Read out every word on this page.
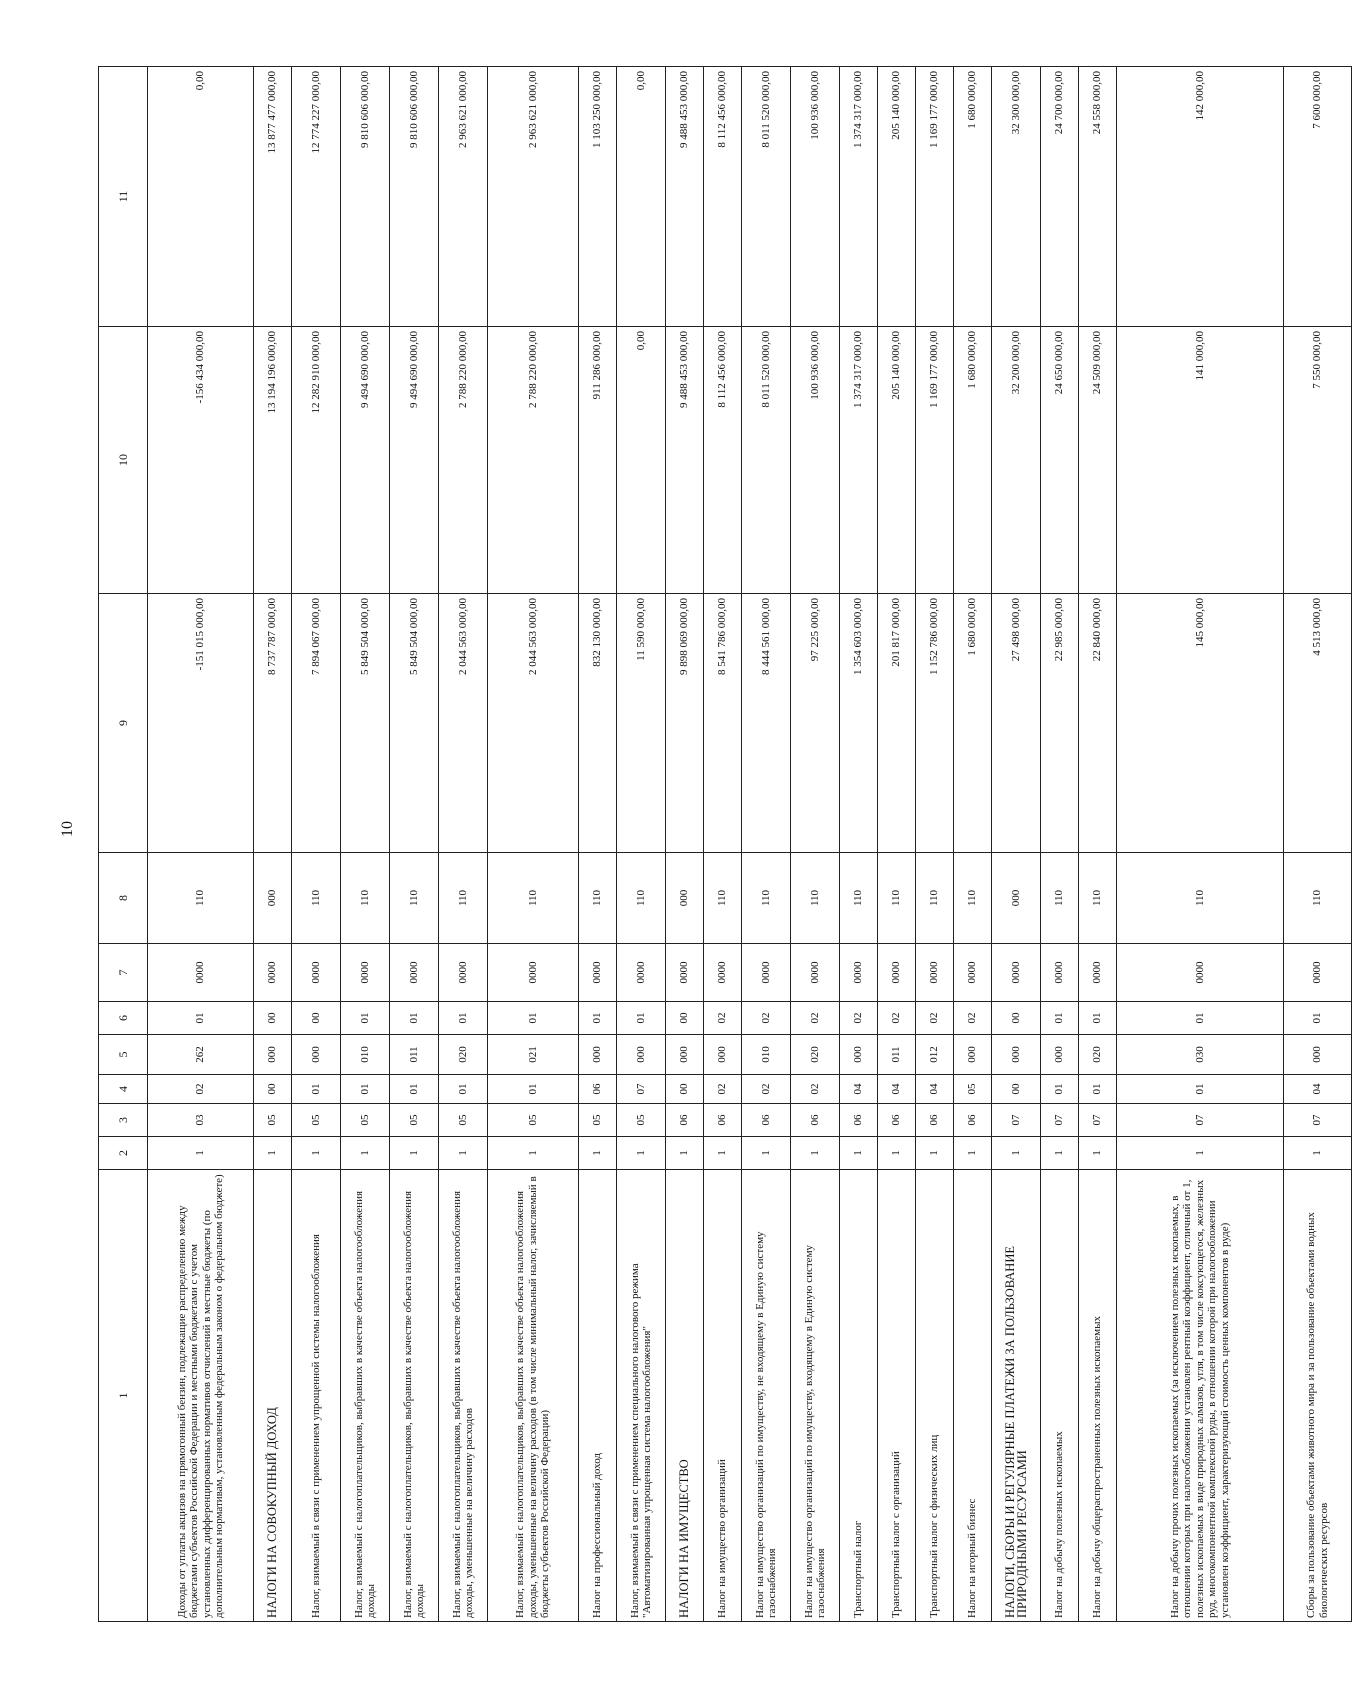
10
1	2	3	4	5	6	7	8	9	10	11
Доходы от уплаты акцизов на прямогонный бензин, подлежащие распределению между бюджетами субъектов Российской Федерации и местными бюджетами с учетом установленных дифференцированных нормативов отчислений в местные бюджеты (по дополнительным нормативам, установленным федеральным законом о федеральном бюджете)	1	03	02	262	01	0000	110	-151 015 000,00	-156 434 000,00	0,00
НАЛОГИ НА СОВОКУПНЫЙ ДОХОД	1	05	00	000	00	0000	000	8 737 787 000,00	13 194 196 000,00	13 877 477 000,00
Налог, взимаемый в связи с применением упрощенной системы налогообложения	1	05	01	000	00	0000	110	7 894 067 000,00	12 282 910 000,00	12 774 227 000,00
Налог, взимаемый с налогоплательщиков, выбравших в качестве объекта налогообложения доходы	1	05	01	010	01	0000	110	5 849 504 000,00	9 494 690 000,00	9 810 606 000,00
Налог, взимаемый с налогоплательщиков, выбравших в качестве объекта налогообложения доходы	1	05	01	011	01	0000	110	5 849 504 000,00	9 494 690 000,00	9 810 606 000,00
Налог, взимаемый с налогоплательщиков, выбравших в качестве объекта налогообложения доходы, уменьшенные на величину расходов	1	05	01	020	01	0000	110	2 044 563 000,00	2 788 220 000,00	2 963 621 000,00
Налог, взимаемый с налогоплательщиков, выбравших в качестве объекта налогообложения доходы, уменьшенные на величину расходов (в том числе минимальный налог, зачисляемый в бюджеты субъектов Российской Федерации)	1	05	01	021	01	0000	110	2 044 563 000,00	2 788 220 000,00	2 963 621 000,00
Налог на профессиональный доход	1	05	06	000	01	0000	110	832 130 000,00	911 286 000,00	1 103 250 000,00
Налог, взимаемый в связи с применением специального налогового режима "Автоматизированная упрощенная система налогообложения"	1	05	07	000	01	0000	110	11 590 000,00	0,00	0,00
НАЛОГИ НА ИМУЩЕСТВО	1	06	00	000	00	0000	000	9 898 069 000,00	9 488 453 000,00	9 488 453 000,00
Налог на имущество организаций	1	06	02	000	02	0000	110	8 541 786 000,00	8 112 456 000,00	8 112 456 000,00
Налог на имущество организаций по имуществу, не входящему в Единую систему газоснабжения	1	06	02	010	02	0000	110	8 444 561 000,00	8 011 520 000,00	8 011 520 000,00
Налог на имущество организаций по имуществу, входящему в Единую систему газоснабжения	1	06	02	020	02	0000	110	97 225 000,00	100 936 000,00	100 936 000,00
Транспортный налог	1	06	04	000	02	0000	110	1 354 603 000,00	1 374 317 000,00	1 374 317 000,00
Транспортный налог с организаций	1	06	04	011	02	0000	110	201 817 000,00	205 140 000,00	205 140 000,00
Транспортный налог с физических лиц	1	06	04	012	02	0000	110	1 152 786 000,00	1 169 177 000,00	1 169 177 000,00
Налог на игорный бизнес	1	06	05	000	02	0000	110	1 680 000,00	1 680 000,00	1 680 000,00
НАЛОГИ, СБОРЫ И РЕГУЛЯРНЫЕ ПЛАТЕЖИ ЗА ПОЛЬЗОВАНИЕ ПРИРОДНЫМИ РЕСУРСАМИ	1	07	00	000	00	0000	000	27 498 000,00	32 200 000,00	32 300 000,00
Налог на добычу полезных ископаемых	1	07	01	000	01	0000	110	22 985 000,00	24 650 000,00	24 700 000,00
Налог на добычу общераспространенных полезных ископаемых	1	07	01	020	01	0000	110	22 840 000,00	24 509 000,00	24 558 000,00
Налог на добычу прочих полезных ископаемых (за исключением полезных ископаемых, в отношении которых при налогообложении установлен рентный коэффициент, отличный от 1, полезных ископаемых в виде природных алмазов, угля, в том числе коксующегося, железных руд, многокомпонентной комплексной руды, в отношении которой при налогообложении установлен коэффициент, характеризующий стоимость ценных компонентов в руде)	1	07	01	030	01	0000	110	145 000,00	141 000,00	142 000,00
Сборы за пользование объектами животного мира и за пользование объектами водных биологических ресурсов	1	07	04	000	01	0000	110	4 513 000,00	7 550 000,00	7 600 000,00
